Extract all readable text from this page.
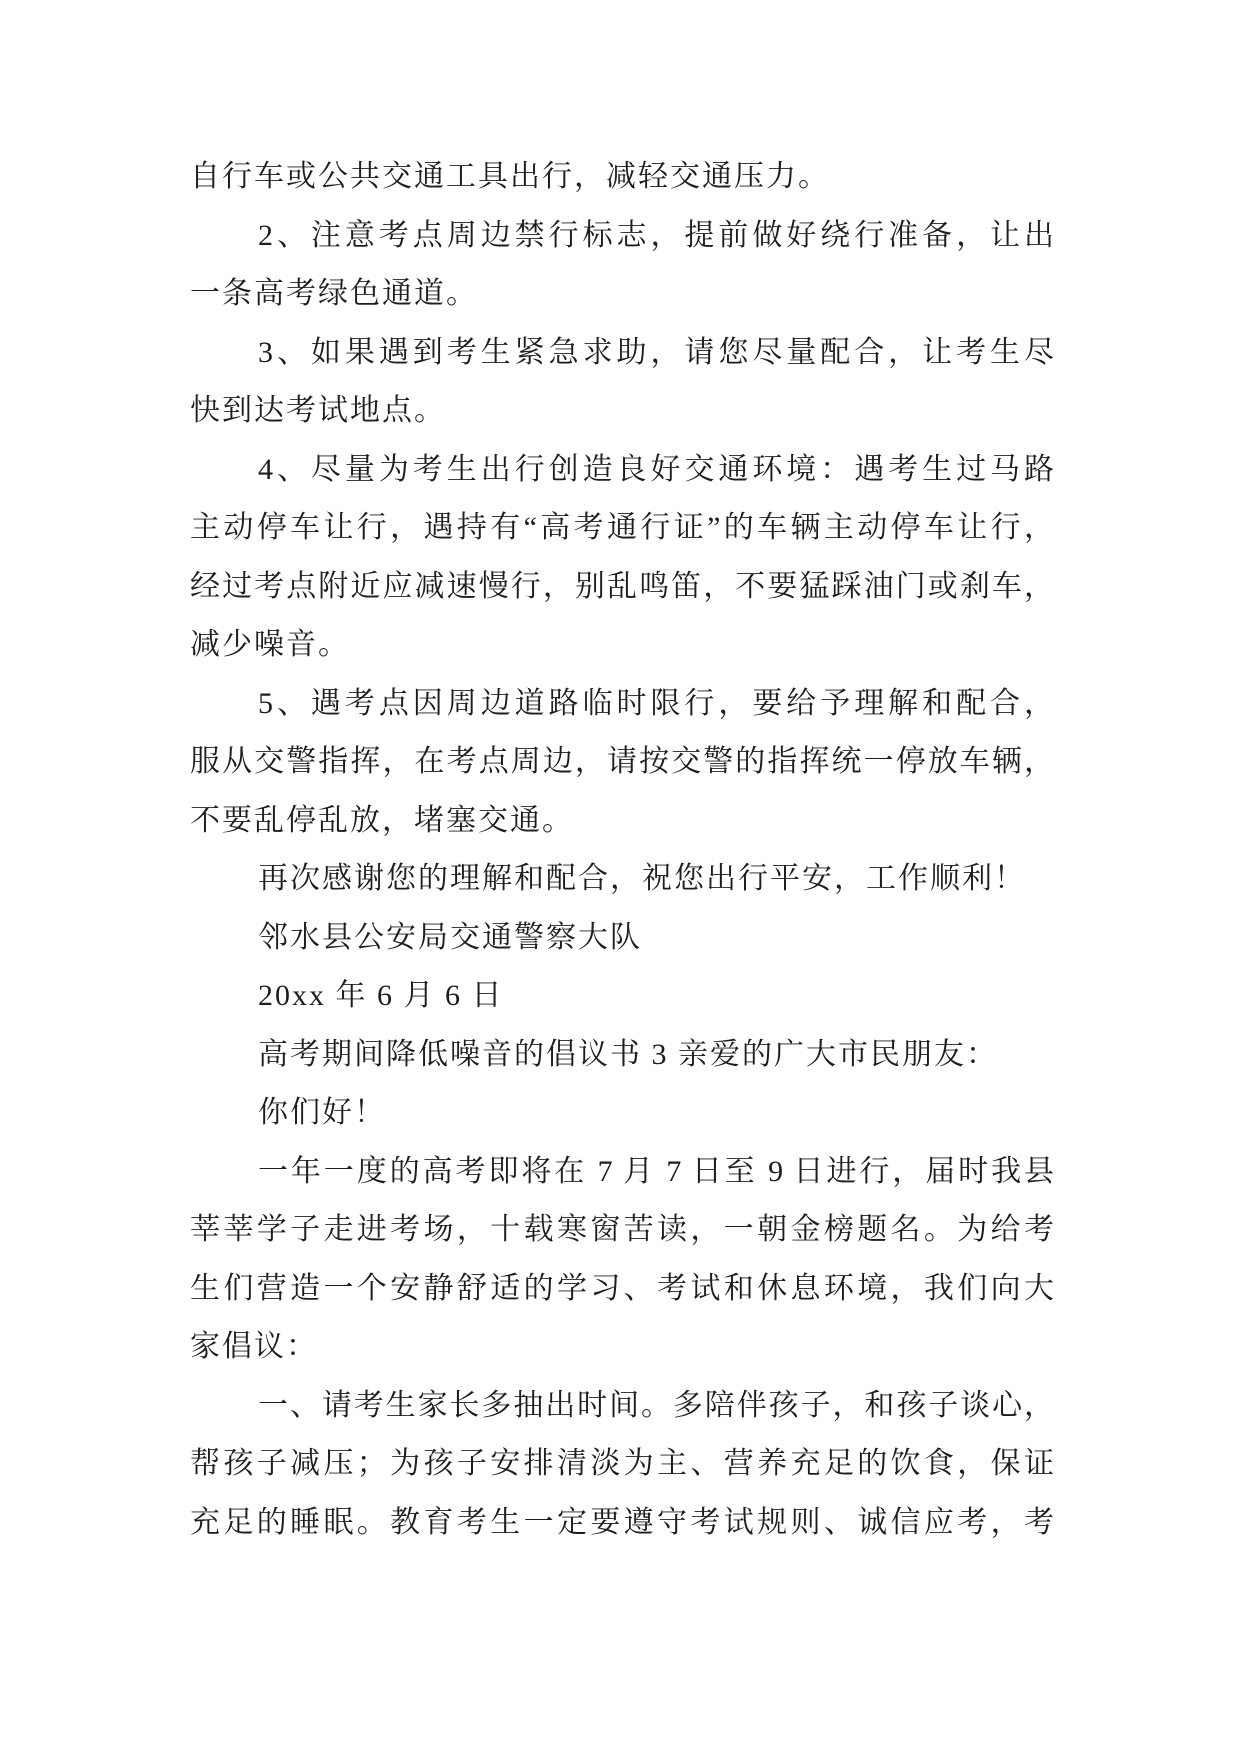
自行车或公共交通工具出行，减轻交通压力。
2、注意考点周边禁行标志，提前做好绕行准备，让出
一条高考绿色通道。
3、如果遇到考生紧急求助，请您尽量配合，让考生尽
快到达考试地点。
4、尽量为考生出行创造良好交通环境：遇考生过马路
主动停车让行，遇持有“高考通行证”的车辆主动停车让行，
经过考点附近应减速慢行，别乱鸣笛，不要猛踩油门或刹车，
减少噪音。
5、遇考点因周边道路临时限行，要给予理解和配合，
服从交警指挥，在考点周边，请按交警的指挥统一停放车辆，
不要乱停乱放，堵塞交通。
再次感谢您的理解和配合，祝您出行平安，工作顺利！
邻水县公安局交通警察大队
20xx 年 6 月 6 日
高考期间降低噪音的倡议书 3 亲爱的广大市民朋友：
你们好！
一年一度的高考即将在 7 月 7 日至 9 日进行，届时我县
莘莘学子走进考场，十载寒窗苦读，一朝金榜题名。为给考
生们营造一个安静舒适的学习、考试和休息环境，我们向大
家倡议：
一、请考生家长多抽出时间。多陪伴孩子，和孩子谈心，
帮孩子减压；为孩子安排清淡为主、营养充足的饮食，保证
充足的睡眠。教育考生一定要遵守考试规则、诚信应考，考
